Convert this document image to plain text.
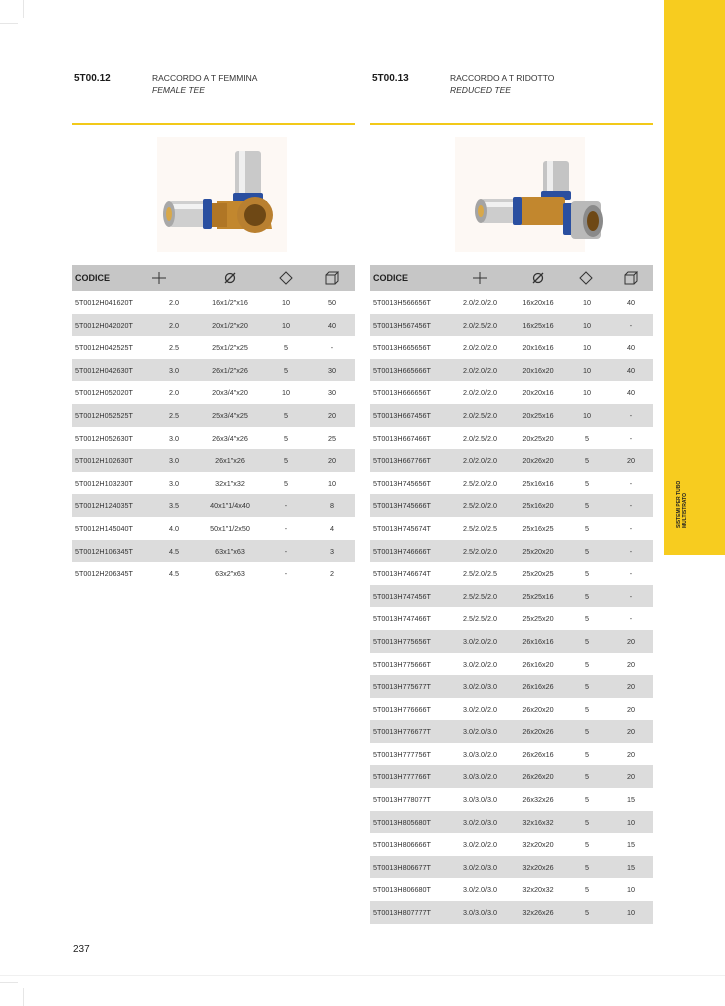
SISTEMI PER TUBO MULTISTRATO
5T00.12	RACCORDO A T FEMMINA
FEMALE TEE
CODICE
5T0012H041620T	2.0	16x1/2"x16	10	50
5T0012H042020T	2.0	20x1/2"x20	10	40
5T0012H042525T	2.5	25x1/2"x25	5	-
5T0012H042630T	3.0	26x1/2"x26	5	30
5T0012H052020T	2.0	20x3/4"x20	10	30
5T0012H052525T	2.5	25x3/4"x25	5	20
5T0012H052630T	3.0	26x3/4"x26	5	25
5T0012H102630T	3.0	26x1"x26	5	20
5T0012H103230T	3.0	32x1"x32	5	10
5T0012H124035T	3.5	40x1"1/4x40	-	8
5T0012H145040T	4.0	50x1"1/2x50	-	4
5T0012H106345T	4.5	63x1"x63	-	3
5T0012H206345T	4.5	63x2"x63	-	2
5T00.13	RACCORDO A T RIDOTTO
REDUCED TEE
CODICE
5T0013H566656T	2.0/2.0/2.0	16x20x16	10	40
5T0013H567456T	2.0/2.5/2.0	16x25x16	10	-
5T0013H665656T	2.0/2.0/2.0	20x16x16	10	40
5T0013H665666T	2.0/2.0/2.0	20x16x20	10	40
5T0013H666656T	2.0/2.0/2.0	20x20x16	10	40
5T0013H667456T	2.0/2.5/2.0	20x25x16	10	-
5T0013H667466T	2.0/2.5/2.0	20x25x20	5	-
5T0013H667766T	2.0/2.0/2.0	20x26x20	5	20
5T0013H745656T	2.5/2.0/2.0	25x16x16	5	-
5T0013H745666T	2.5/2.0/2.0	25x16x20	5	-
5T0013H745674T	2.5/2.0/2.5	25x16x25	5	-
5T0013H746666T	2.5/2.0/2.0	25x20x20	5	-
5T0013H746674T	2.5/2.0/2.5	25x20x25	5	-
5T0013H747456T	2.5/2.5/2.0	25x25x16	5	-
5T0013H747466T	2.5/2.5/2.0	25x25x20	5	-
5T0013H775656T	3.0/2.0/2.0	26x16x16	5	20
5T0013H775666T	3.0/2.0/2.0	26x16x20	5	20
5T0013H775677T	3.0/2.0/3.0	26x16x26	5	20
5T0013H776666T	3.0/2.0/2.0	26x20x20	5	20
5T0013H776677T	3.0/2.0/3.0	26x20x26	5	20
5T0013H777756T	3.0/3.0/2.0	26x26x16	5	20
5T0013H777766T	3.0/3.0/2.0	26x26x20	5	20
5T0013H778077T	3.0/3.0/3.0	26x32x26	5	15
5T0013H805680T	3.0/2.0/3.0	32x16x32	5	10
5T0013H806666T	3.0/2.0/2.0	32x20x20	5	15
5T0013H806677T	3.0/2.0/3.0	32x20x26	5	15
5T0013H806680T	3.0/2.0/3.0	32x20x32	5	10
5T0013H807777T	3.0/3.0/3.0	32x26x26	5	10
237
